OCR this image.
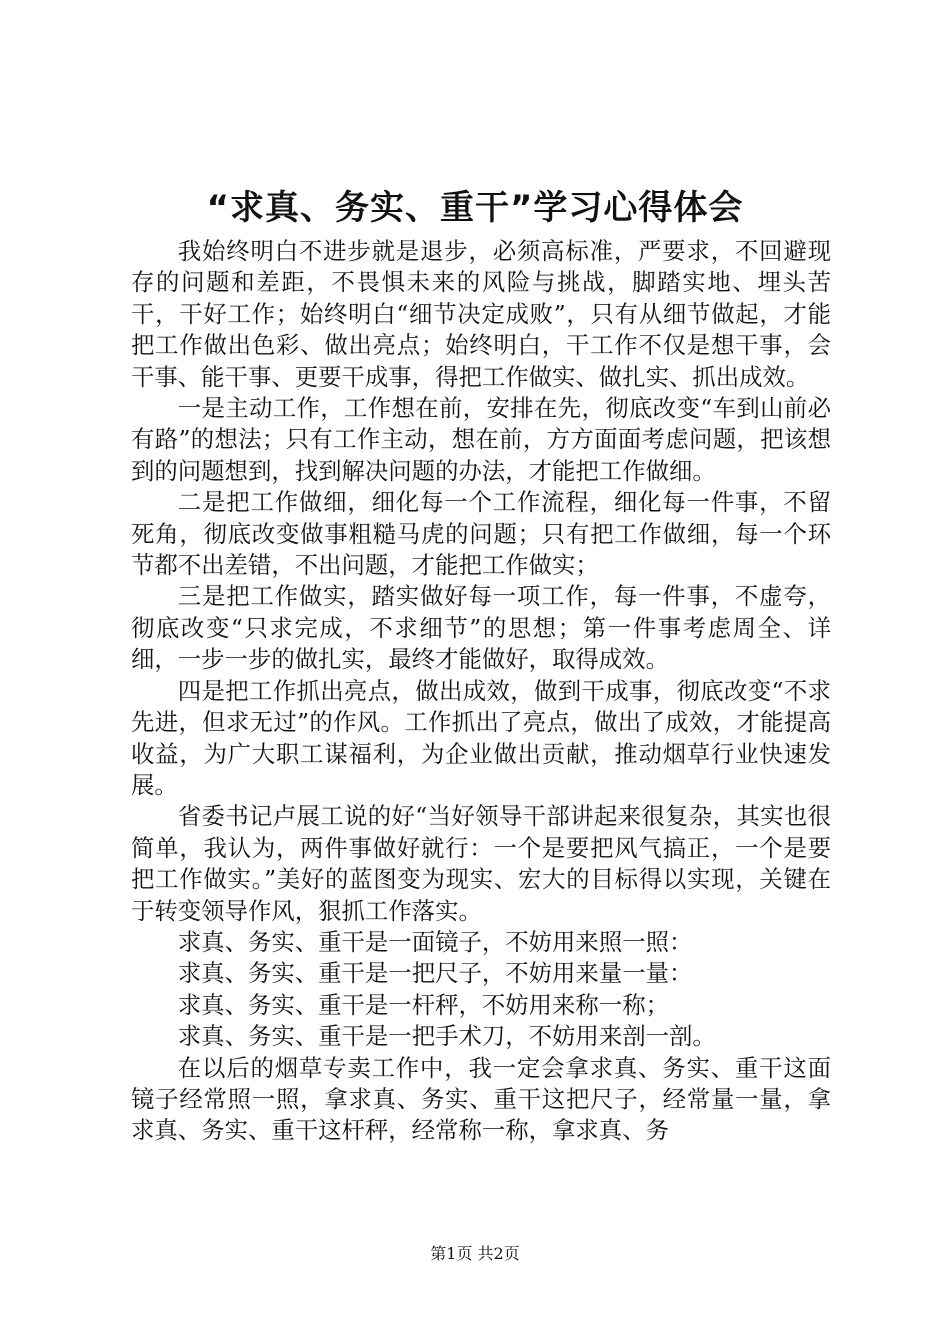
“求真、务实、重干”学习心得体会

我始终明白不进步就是退步，必须高标准，严要求，不回避现存的问题和差距，不畏惧未来的风险与挑战，脚踏实地、埋头苦干，干好工作；始终明白“细节决定成败”，只有从细节做起，才能把工作做出色彩、做出亮点；始终明白，干工作不仅是想干事，会干事、能干事、更要干成事，得把工作做实、做扎实、抓出成效。

一是主动工作，工作想在前，安排在先，彻底改变“车到山前必有路”的想法；只有工作主动，想在前，方方面面考虑问题，把该想到的问题想到，找到解决问题的办法，才能把工作做细。

二是把工作做细，细化每一个工作流程，细化每一件事，不留死角，彻底改变做事粗糙马虎的问题；只有把工作做细，每一个环节都不出差错，不出问题，才能把工作做实；

三是把工作做实，踏实做好每一项工作，每一件事，不虚夸，彻底改变“只求完成，不求细节”的思想；第一件事考虑周全、详细，一步一步的做扎实，最终才能做好，取得成效。

四是把工作抓出亮点，做出成效，做到干成事，彻底改变“不求先进，但求无过”的作风。工作抓出了亮点，做出了成效，才能提高收益，为广大职工谋福利，为企业做出贡献，推动烟草行业快速发展。

省委书记卢展工说的好“当好领导干部讲起来很复杂，其实也很简单，我认为，两件事做好就行：一个是要把风气搞正，一个是要把工作做实。”美好的蓝图变为现实、宏大的目标得以实现，关键在于转变领导作风，狠抓工作落实。

求真、务实、重干是一面镜子，不妨用来照一照：

求真、务实、重干是一把尺子，不妨用来量一量：

求真、务实、重干是一杆秤，不妨用来称一称；

求真、务实、重干是一把手术刀，不妨用来剖一剖。

在以后的烟草专卖工作中，我一定会拿求真、务实、重干这面镜子经常照一照，拿求真、务实、重干这把尺子，经常量一量，拿求真、务实、重干这杆秤，经常称一称，拿求真、务

第1页 共2页
